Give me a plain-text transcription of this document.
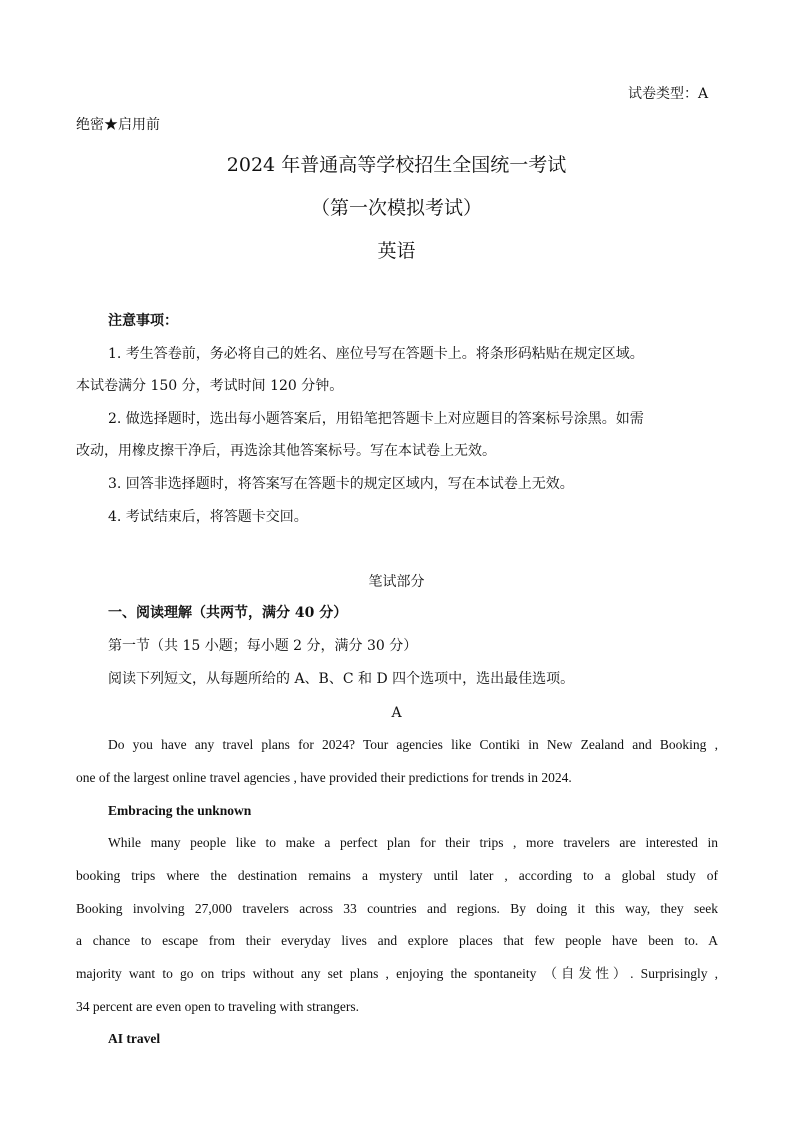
试卷类型：A
绝密★启用前
2024 年普通高等学校招生全国统一考试
（第一次模拟考试）
英语
注意事项：
1. 考生答卷前，务必将自己的姓名、座位号写在答题卡上。将条形码粘贴在规定区域。
本试卷满分 150 分，考试时间 120 分钟。
2. 做选择题时，选出每小题答案后，用铅笔把答题卡上对应题目的答案标号涂黑。如需
改动，用橡皮擦干净后，再选涂其他答案标号。写在本试卷上无效。
3. 回答非选择题时，将答案写在答题卡的规定区域内，写在本试卷上无效。
4. 考试结束后，将答题卡交回。
笔试部分
一、阅读理解（共两节，满分 40 分）
第一节（共 15 小题；每小题 2 分，满分 30 分）
阅读下列短文，从每题所给的 A、B、C 和 D 四个选项中，选出最佳选项。
A
Do you have any travel plans for 2024? Tour agencies like Contiki in New Zealand and Booking ,
one of the largest online travel agencies , have provided their predictions for trends in 2024.
Embracing the unknown
While many people like to make a perfect plan for their trips , more travelers are interested in
booking trips where the destination remains a mystery until later , according to a global study of
Booking involving 27,000 travelers across 33 countries and regions. By doing it this way, they seek
a chance to escape from their everyday lives and explore places that few people have been to. A
majority want to go on trips without any set plans , enjoying the spontaneity （自发性）. Surprisingly ,
34 percent are even open to traveling with strangers.
AI travel
